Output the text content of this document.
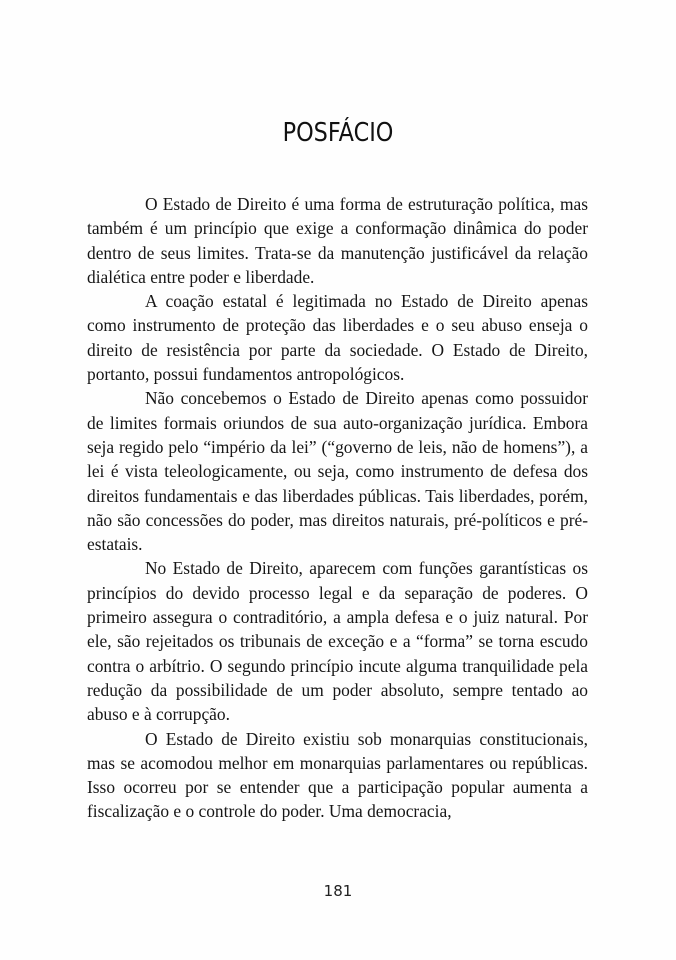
POSFÁCIO

O Estado de Direito é uma forma de estruturação política, mas também é um princípio que exige a conformação dinâmica do poder dentro de seus limites. Trata-se da manutenção justificável da relação dialética entre poder e liberdade.

A coação estatal é legitimada no Estado de Direito apenas como instrumento de proteção das liberdades e o seu abuso enseja o direito de resistência por parte da sociedade. O Estado de Direito, portanto, possui fundamentos antropológicos.

Não concebemos o Estado de Direito apenas como possuidor de limites formais oriundos de sua auto-organização jurídica. Embora seja regido pelo “império da lei” (“governo de leis, não de homens”), a lei é vista teleologicamente, ou seja, como instrumento de defesa dos direitos fundamentais e das liberdades públicas. Tais liberdades, porém, não são concessões do poder, mas direitos naturais, pré-políticos e pré-estatais.

No Estado de Direito, aparecem com funções garantísticas os princípios do devido processo legal e da separação de poderes. O primeiro assegura o contraditório, a ampla defesa e o juiz natural. Por ele, são rejeitados os tribunais de exceção e a “forma” se torna escudo contra o arbítrio. O segundo princípio incute alguma tranquilidade pela redução da possibilidade de um poder absoluto, sempre tentado ao abuso e à corrupção.

O Estado de Direito existiu sob monarquias constitucionais, mas se acomodou melhor em monarquias parlamentares ou repúblicas. Isso ocorreu por se entender que a participação popular aumenta a fiscalização e o controle do poder. Uma democracia,

181
